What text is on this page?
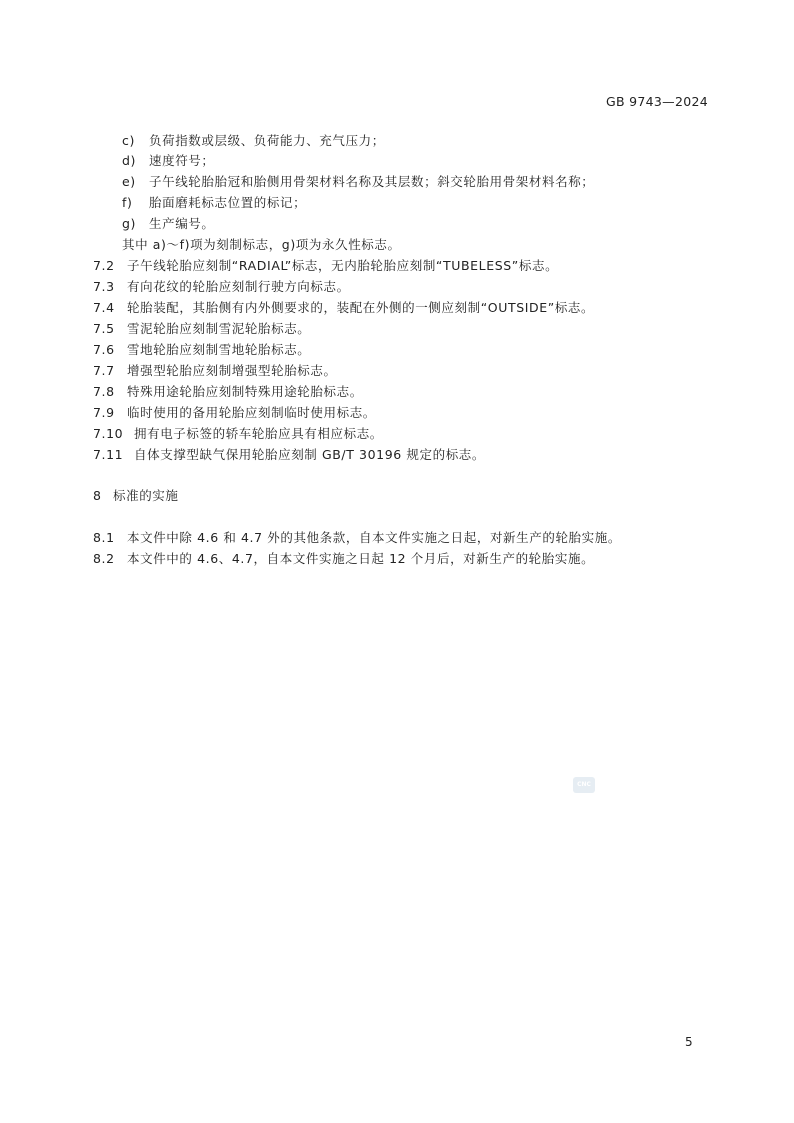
GB 9743—2024
c) 负荷指数或层级、负荷能力、充气压力；
d) 速度符号；
e) 子午线轮胎胎冠和胎侧用骨架材料名称及其层数；斜交轮胎用骨架材料名称；
f) 胎面磨耗标志位置的标记；
g) 生产编号。
其中 a)～f)项为刻制标志，g)项为永久性标志。
7.2 子午线轮胎应刻制“RADIAL”标志，无内胎轮胎应刻制“TUBELESS”标志。
7.3 有向花纹的轮胎应刻制行驶方向标志。
7.4 轮胎装配，其胎侧有内外侧要求的，装配在外侧的一侧应刻制“OUTSIDE”标志。
7.5 雪泥轮胎应刻制雪泥轮胎标志。
7.6 雪地轮胎应刻制雪地轮胎标志。
7.7 增强型轮胎应刻制增强型轮胎标志。
7.8 特殊用途轮胎应刻制特殊用途轮胎标志。
7.9 临时使用的备用轮胎应刻制临时使用标志。
7.10 拥有电子标签的轿车轮胎应具有相应标志。
7.11 自体支撑型缺气保用轮胎应刻制 GB/T 30196 规定的标志。
8 标准的实施
8.1 本文件中除 4.6 和 4.7 外的其他条款，自本文件实施之日起，对新生产的轮胎实施。
8.2 本文件中的 4.6、4.7，自本文件实施之日起 12 个月后，对新生产的轮胎实施。
CNC
5
